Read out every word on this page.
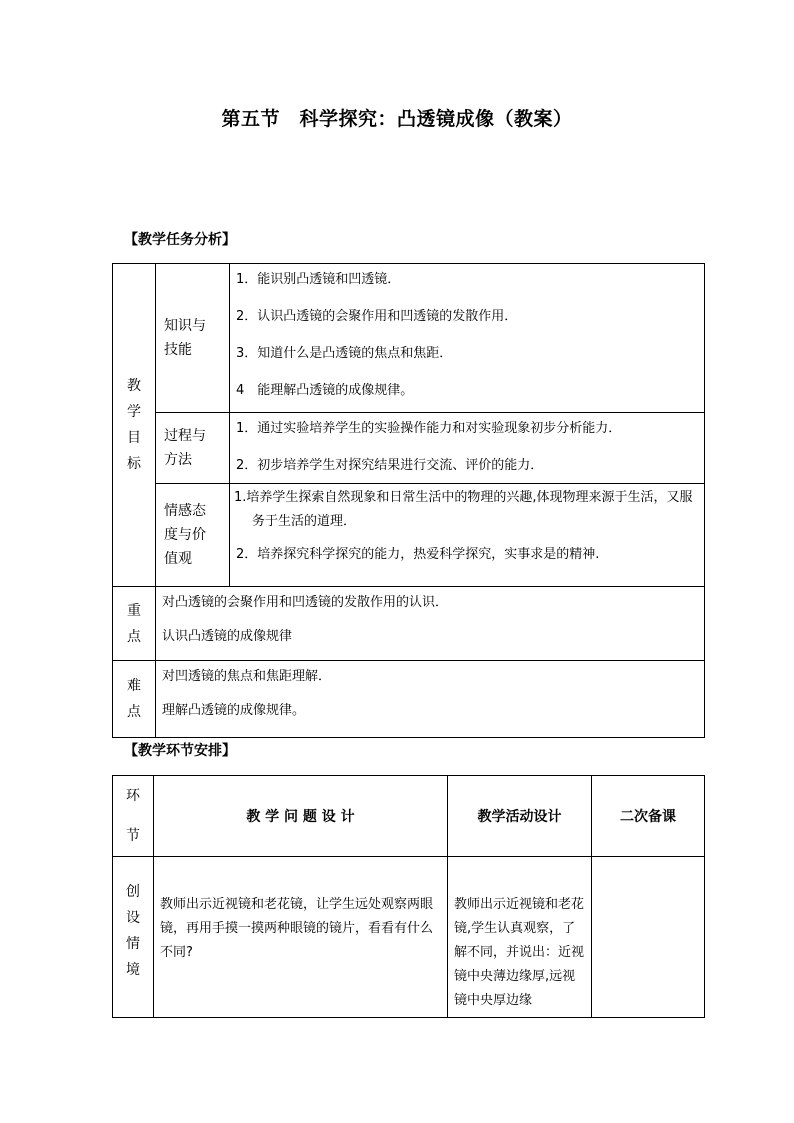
第五节　科学探究：凸透镜成像（教案）
【教学任务分析】
教学目标	知识与技能	1．能识别凸透镜和凹透镜．

2．认识凸透镜的会聚作用和凹透镜的发散作用．

3．知道什么是凸透镜的焦点和焦距．

4　能理解凸透镜的成像规律。

	过程与方法	1．通过实验培养学生的实验操作能力和对实验现象初步分析能力．

2．初步培养学生对探究结果进行交流、评价的能力．

	情感态度与价值观	1.培养学生探索自然现象和日常生活中的物理的兴趣,体现物理来源于生活，又服务于生活的道理．

2．培养探究科学探究的能力，热爱科学探究，实事求是的精神.

重点	对凸透镜的会聚作用和凹透镜的发散作用的认识．

认识凸透镜的成像规律	

难点	对凹透镜的焦点和焦距理解．

理解凸透镜的成像规律。	

【教学环节安排】
环节	教 学 问 题 设 计	教学活动设计	二次备课
创设情境	教师出示近视镜和老花镜，让学生远处观察两眼镜，再用手摸一摸两种眼镜的镜片，看看有什么不同?	教师出示近视镜和老花镜,学生认真观察，了解不同，并说出：近视镜中央薄边缘厚,远视镜中央厚边缘	
